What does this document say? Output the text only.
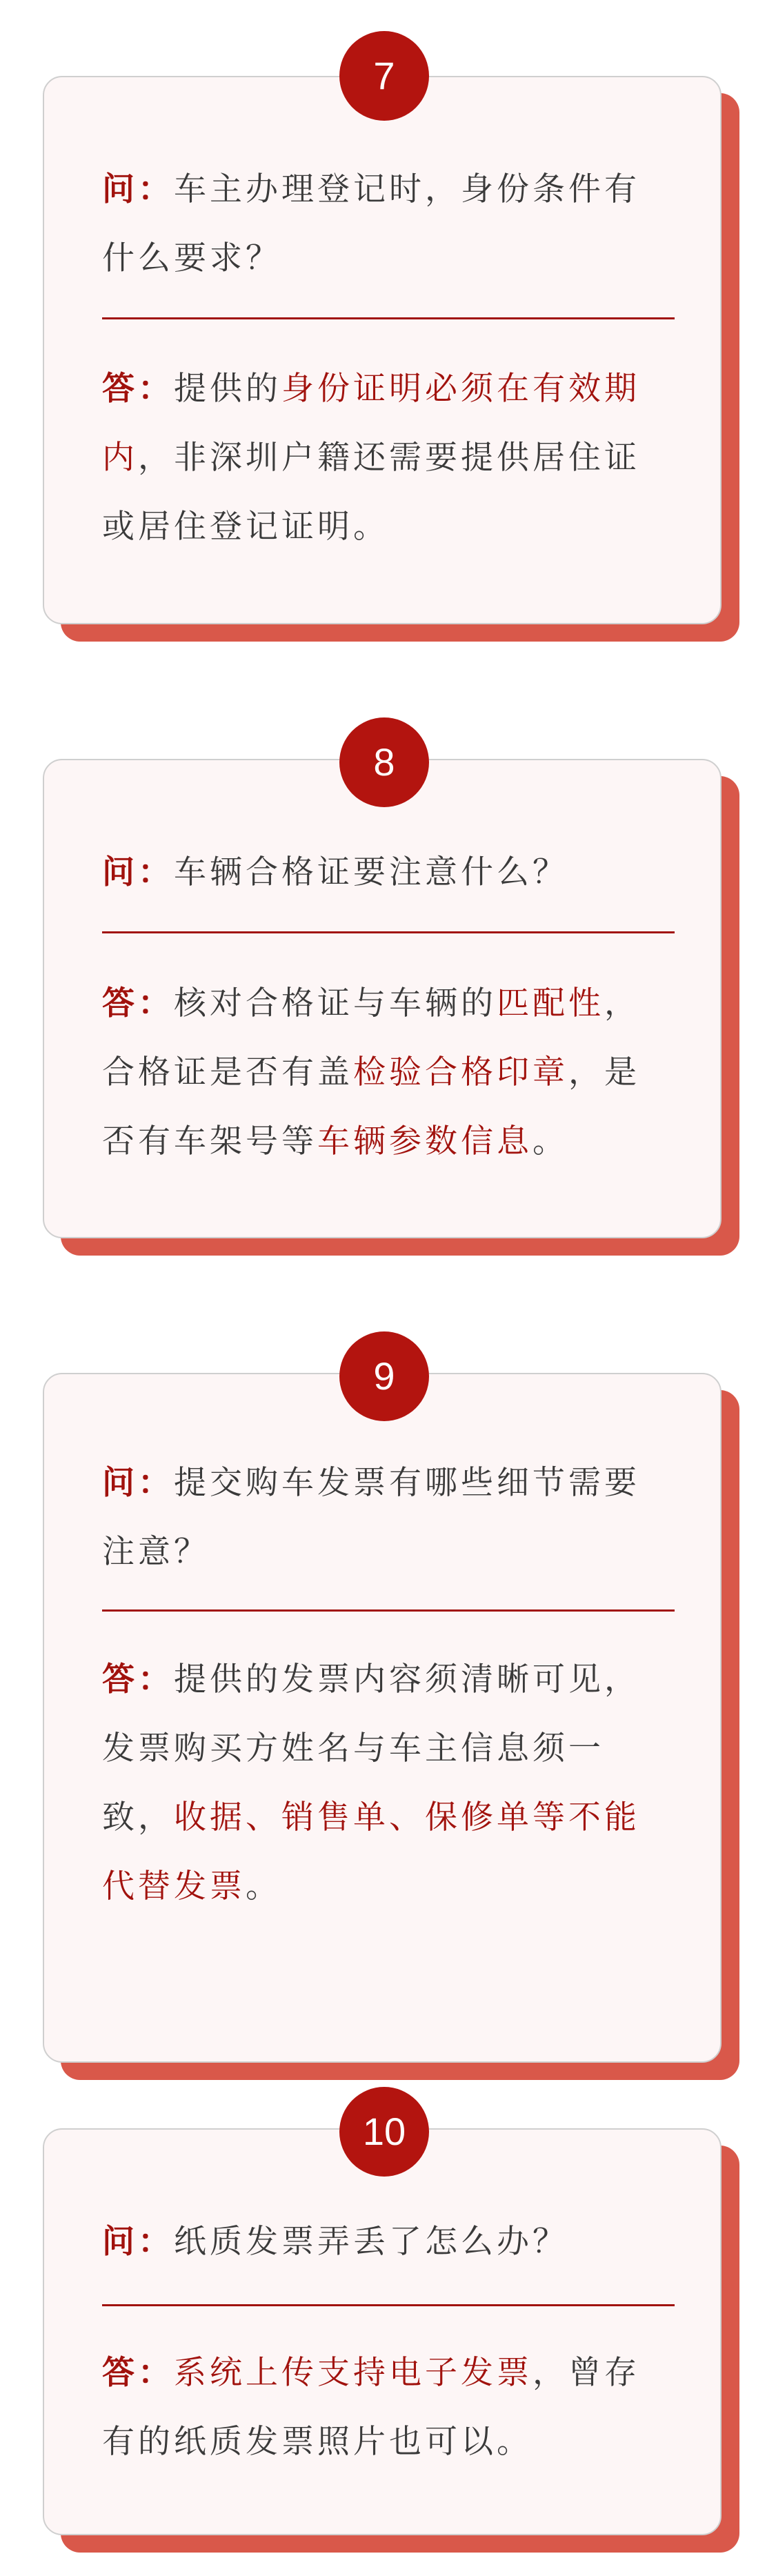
7

问：车主办理登记时，身份条件有什么要求？

答：提供的身份证明必须在有效期内，非深圳户籍还需要提供居住证或居住登记证明。

8

问：车辆合格证要注意什么？

答：核对合格证与车辆的匹配性，合格证是否有盖检验合格印章，是否有车架号等车辆参数信息。

9

问：提交购车发票有哪些细节需要注意？

答：提供的发票内容须清晰可见，发票购买方姓名与车主信息须一致，收据、销售单、保修单等不能代替发票。

10

问：纸质发票弄丢了怎么办？

答：系统上传支持电子发票，曾存有的纸质发票照片也可以。
